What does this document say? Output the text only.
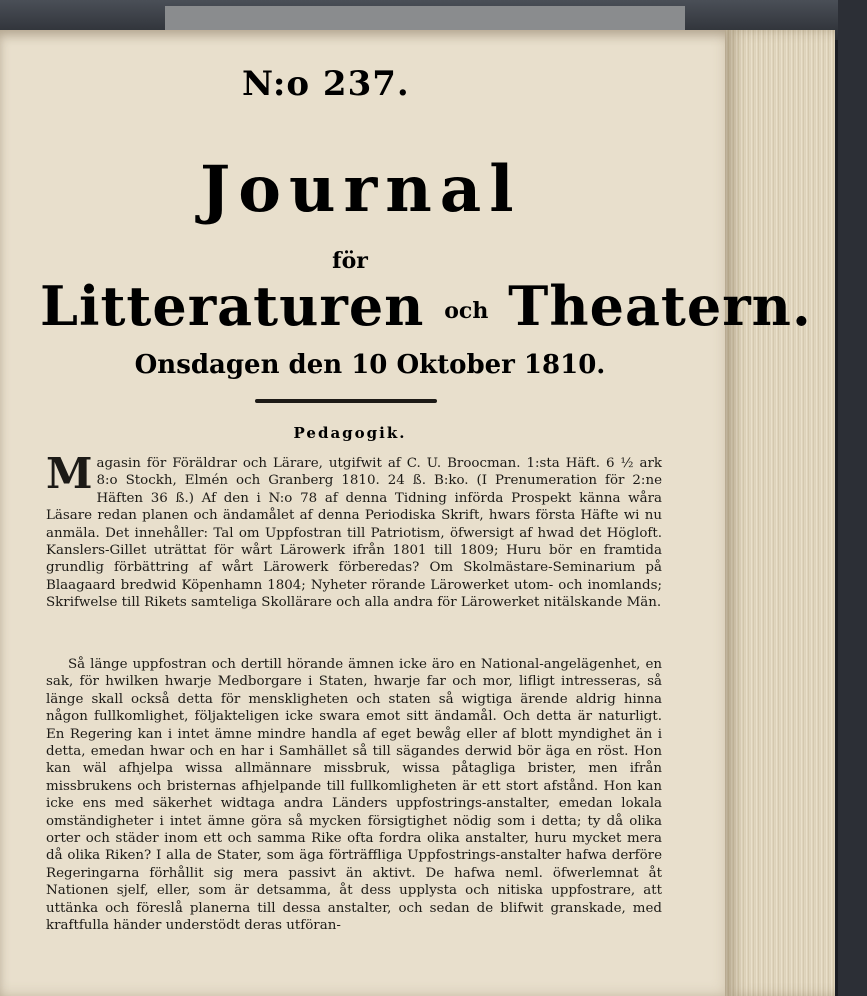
N:o 237.
Journal
för
Litteraturen och Theatern.
Onsdagen den 10 Oktober 1810.
Pedagogik.
Magasin för Föräldrar och Lärare, utgifwit af C. U. Broocman. 1:sta Häft. 6 ½ ark 8:o Stockh, Elmén och Granberg 1810. 24 ß. B:ko. (I Prenumeration för 2:ne Häften 36 ß.) Af den i N:o 78 af denna Tidning införda Prospekt känna wåra Läsare redan planen och ändamålet af denna Periodiska Skrift, hwars första Häfte wi nu anmäla. Det innehåller: Tal om Uppfostran till Patriotism, öfwersigt af hwad det Högloft. Kanslers-Gillet uträttat för wårt Lärowerk ifrån 1801 till 1809; Huru bör en framtida grundlig förbättring af wårt Lärowerk förberedas? Om Skolmästare-Seminarium på Blaagaard bredwid Köpenhamn 1804; Nyheter rörande Lärowerket utom- och inomlands; Skrifwelse till Rikets samteliga Skollärare och alla andra för Lärowerket nitälskande Män.
Så länge uppfostran och dertill hörande ämnen icke äro en National-angelägenhet, en sak, för hwilken hwarje Medborgare i Staten, hwarje far och mor, lifligt intresseras, så länge skall också detta för menskligheten och staten så wigtiga ärende aldrig hinna någon fullkomlighet, följakteligen icke swara emot sitt ändamål. Och detta är naturligt. En Regering kan i intet ämne mindre handla af eget bewåg eller af blott myndighet än i detta, emedan hwar och en har i Samhället så till sägandes derwid bör äga en röst. Hon kan wäl afhjelpa wissa allmännare missbruk, wissa påtagliga brister, men ifrån missbrukens och bristernas afhjelpande till fullkomligheten är ett stort afstånd. Hon kan icke ens med säkerhet widtaga andra Länders uppfostrings-anstalter, emedan lokala omständigheter i intet ämne göra så mycken försigtighet nödig som i detta; ty då olika orter och städer inom ett och samma Rike ofta fordra olika anstalter, huru mycket mera då olika Riken? I alla de Stater, som äga förträffliga Uppfostrings-anstalter hafwa derföre Regeringarna förhållit sig mera passivt än aktivt. De hafwa neml. öfwerlemnat åt Nationen sjelf, eller, som är detsamma, åt dess upplysta och nitiska uppfostrare, att uttänka och föreslå planerna till dessa anstalter, och sedan de blifwit granskade, med kraftfulla händer understödt deras utföran-
